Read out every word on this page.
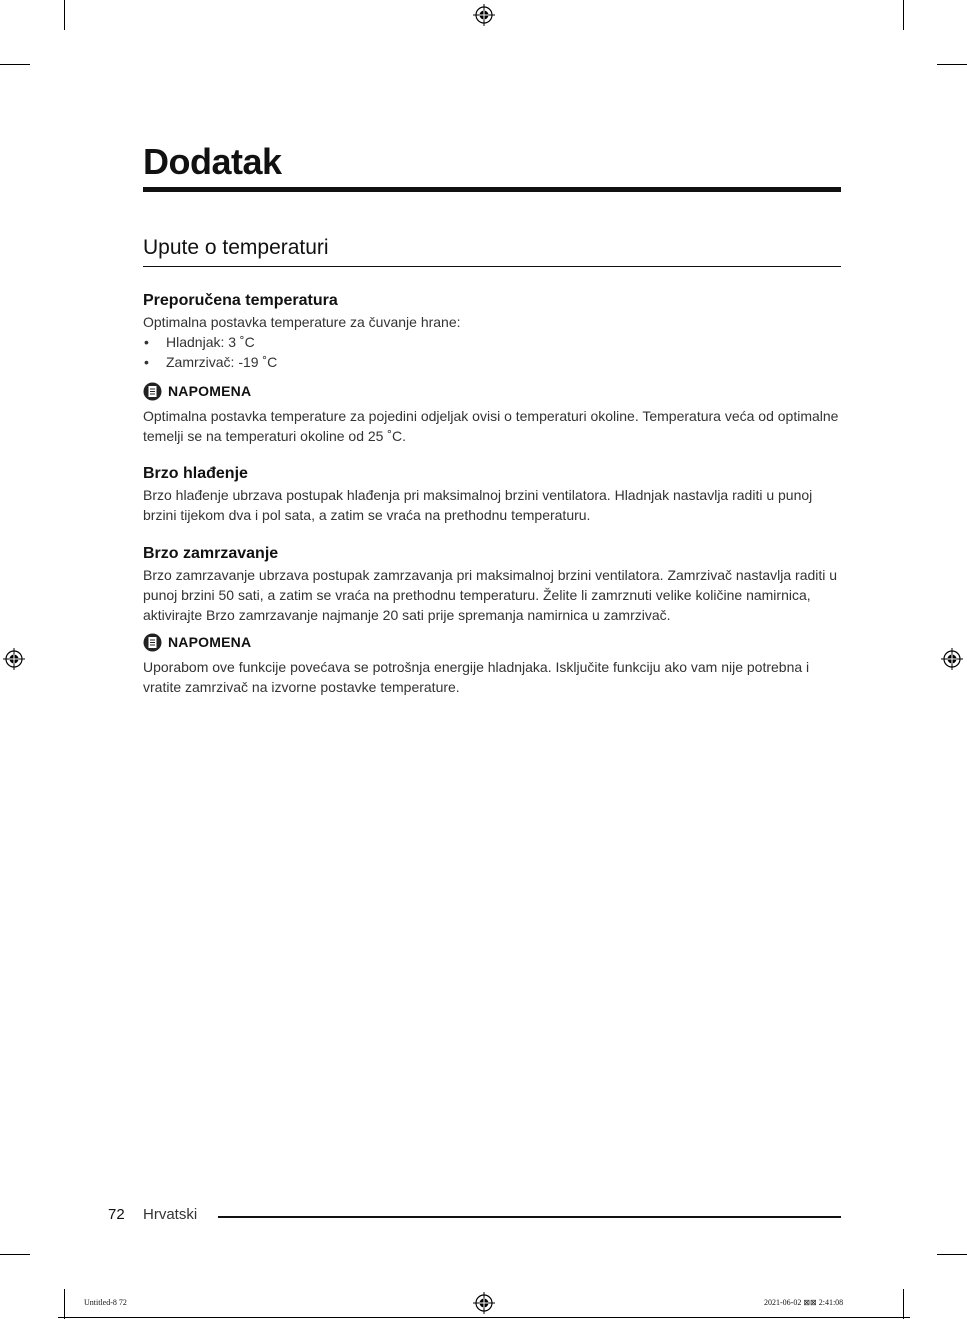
Dodatak
Upute o temperaturi
Preporučena temperatura

Optimalna postavka temperature za čuvanje hrane:

• Hladnjak: 3 ˚C
• Zamrzivač: -19 ˚C
NAPOMENA

Optimalna postavka temperature za pojedini odjeljak ovisi o temperaturi okoline. Temperatura veća od optimalne temelji se na temperaturi okoline od 25 ˚C.

Brzo hlađenje

Brzo hlađenje ubrzava postupak hlađenja pri maksimalnoj brzini ventilatora. Hladnjak nastavlja raditi u punoj brzini tijekom dva i pol sata, a zatim se vraća na prethodnu temperaturu.

Brzo zamrzavanje

Brzo zamrzavanje ubrzava postupak zamrzavanja pri maksimalnoj brzini ventilatora. Zamrzivač nastavlja raditi u punoj brzini 50 sati, a zatim se vraća na prethodnu temperaturu. Želite li zamrznuti velike količine namirnica, aktivirajte Brzo zamrzavanje najmanje 20 sati prije spremanja namirnica u zamrzivač.

NAPOMENA

Uporabom ove funkcije povećava se potrošnja energije hladnjaka. Isključite funkciju ako vam nije potrebna i vratite zamrzivač na izvorne postavke temperature.

72 Hrvatski
Untitled-8 72	2021-06-02 ⊠⊠ 2:41:08
